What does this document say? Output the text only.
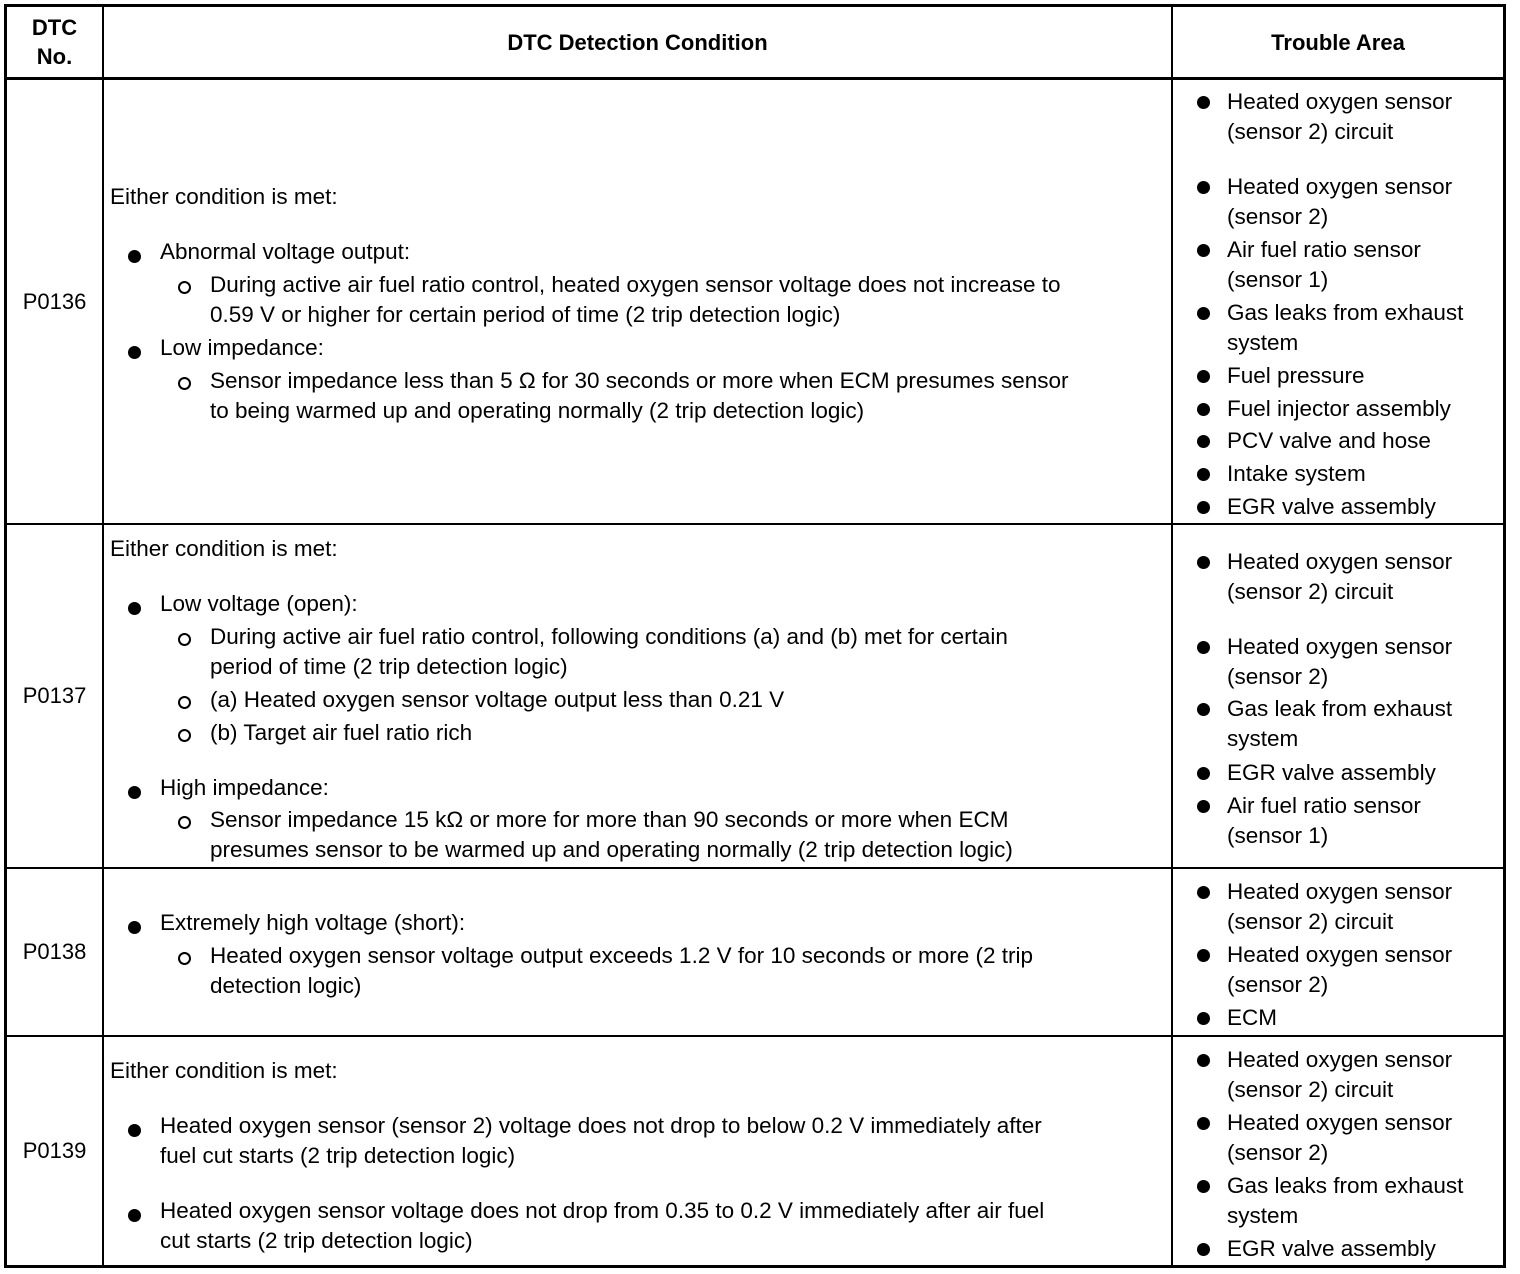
DTC No.
DTC Detection Condition	Trouble Area
P0136
Either condition is met:
Abnormal voltage output:
During active air fuel ratio control, heated oxygen sensor voltage does not increase to
0.59 V or higher for certain period of time (2 trip detection logic)
Low impedance:
Sensor impedance less than 5 Ω for 30 seconds or more when ECM presumes sensor
to being warmed up and operating normally (2 trip detection logic)
Heated oxygen sensor
(sensor 2) circuit
Heated oxygen sensor
(sensor 2)
Air fuel ratio sensor
(sensor 1)
Gas leaks from exhaust
system
Fuel pressure
Fuel injector assembly
PCV valve and hose
Intake system
EGR valve assembly
P0137
Either condition is met:
Low voltage (open):
During active air fuel ratio control, following conditions (a) and (b) met for certain
period of time (2 trip detection logic)
(a) Heated oxygen sensor voltage output less than 0.21 V
(b) Target air fuel ratio rich
High impedance:
Sensor impedance 15 kΩ or more for more than 90 seconds or more when ECM
presumes sensor to be warmed up and operating normally (2 trip detection logic)
Heated oxygen sensor
(sensor 2) circuit
Heated oxygen sensor
(sensor 2)
Gas leak from exhaust
system
EGR valve assembly
Air fuel ratio sensor
(sensor 1)
P0138
Extremely high voltage (short):
Heated oxygen sensor voltage output exceeds 1.2 V for 10 seconds or more (2 trip
detection logic)
Heated oxygen sensor
(sensor 2) circuit
Heated oxygen sensor
(sensor 2)
ECM
P0139
Either condition is met:
Heated oxygen sensor (sensor 2) voltage does not drop to below 0.2 V immediately after
fuel cut starts (2 trip detection logic)
Heated oxygen sensor voltage does not drop from 0.35 to 0.2 V immediately after air fuel
cut starts (2 trip detection logic)
Heated oxygen sensor
(sensor 2) circuit
Heated oxygen sensor
(sensor 2)
Gas leaks from exhaust
system
EGR valve assembly
